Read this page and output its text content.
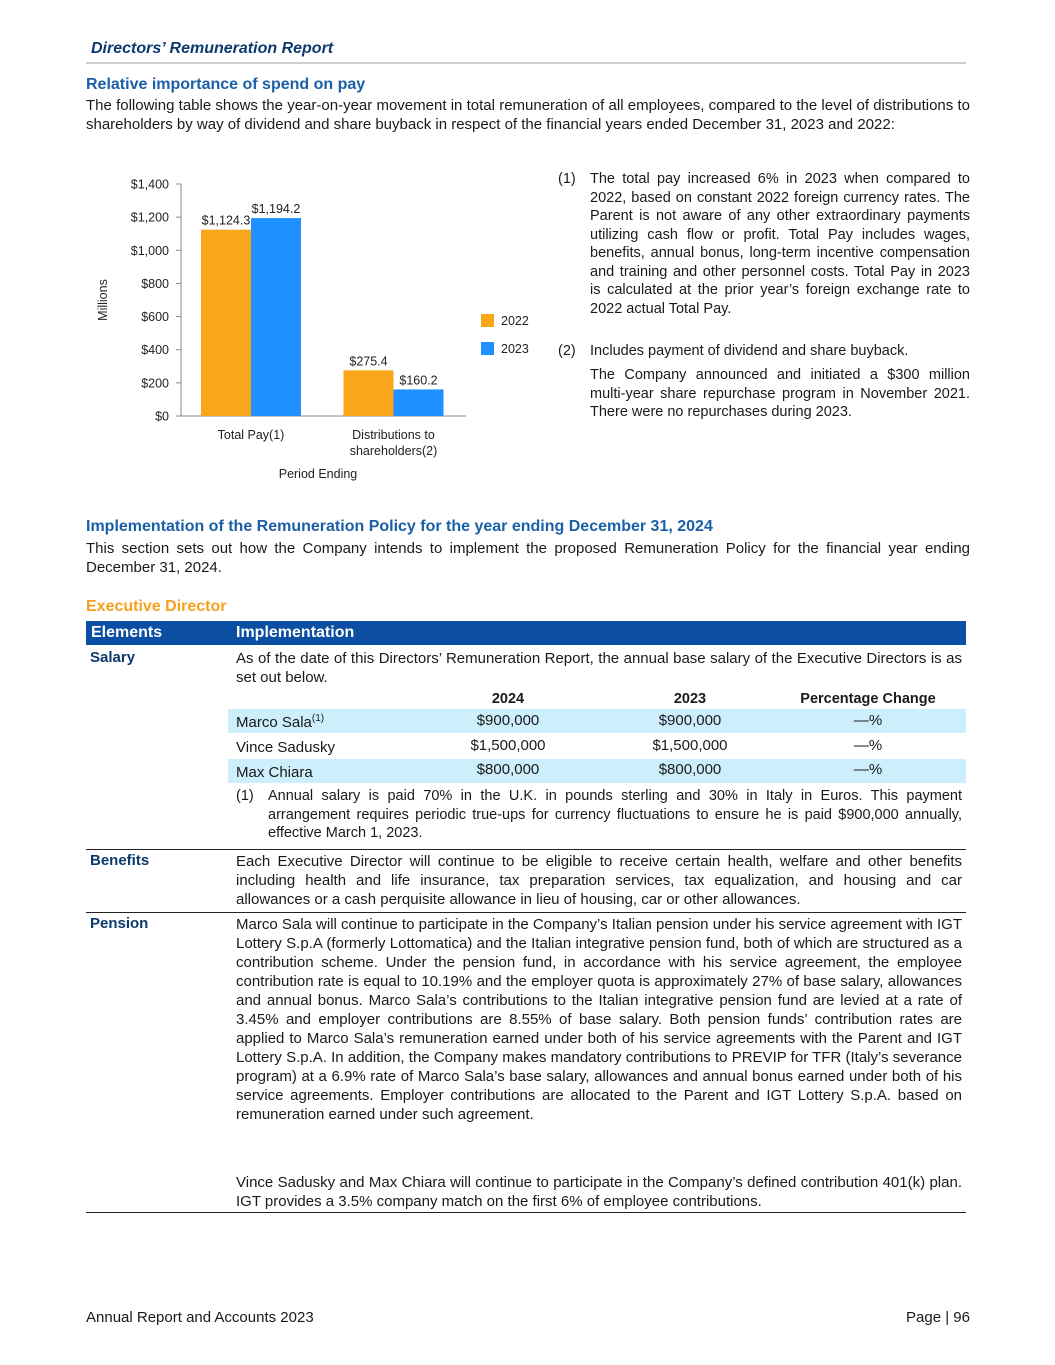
Directors’ Remuneration Report
Relative importance of spend on pay
The following table shows the year-on-year movement in total remuneration of all employees, compared to the level of distributions to shareholders by way of dividend and share buyback in respect of the financial years ended December 31, 2023 and 2022:
$0
$200
$400
$600
$800
$1,000
$1,200
$1,400
$1,124.3
$1,194.2
Total Pay(1)
$275.4
$160.2
Distributions to
shareholders(2)
Period Ending
Millions
2022
2023
(1) The total pay increased 6% in 2023 when compared to 2022, based on constant 2022 foreign currency rates. The Parent is not aware of any other extraordinary payments utilizing cash flow or profit. Total Pay includes wages, benefits, annual bonus, long-term incentive compensation and training and other personnel costs. Total Pay in 2023 is calculated at the prior year’s foreign exchange rate to 2022 actual Total Pay.
(2) Includes payment of dividend and share buyback.
The Company announced and initiated a $300 million multi-year share repurchase program in November 2021. There were no repurchases during 2023.
Implementation of the Remuneration Policy for the year ending December 31, 2024
This section sets out how the Company intends to implement the proposed Remuneration Policy for the financial year ending December 31, 2024.
Executive Director
Elements	Implementation
Salary	As of the date of this Directors’ Remuneration Report, the annual base salary of the Executive Directors is as set out below.
2024	2023	Percentage Change
Marco Sala$^{(1)}$	$900,000	$900,000	—%
Vince Sadusky	$1,500,000	$1,500,000	—%
Max Chiara	$800,000	$800,000	—%
(1) Annual salary is paid 70% in the U.K. in pounds sterling and 30% in Italy in Euros. This payment arrangement requires periodic true-ups for currency fluctuations to ensure he is paid $900,000 annually, effective March 1, 2023.
Benefits	Each Executive Director will continue to be eligible to receive certain health, welfare and other benefits including health and life insurance, tax preparation services, tax equalization, and housing and car allowances or a cash perquisite allowance in lieu of housing, car or other allowances.
Pension	Marco Sala will continue to participate in the Company’s Italian pension under his service agreement with IGT Lottery S.p.A (formerly Lottomatica) and the Italian integrative pension fund, both of which are structured as a contribution scheme. Under the pension fund, in accordance with his service agreement, the employee contribution rate is equal to 10.19% and the employer quota is approximately 27% of base salary, allowances and annual bonus. Marco Sala’s contributions to the Italian integrative pension fund are levied at a rate of 3.45% and employer contributions are 8.55% of base salary. Both pension funds’ contribution rates are applied to Marco Sala’s remuneration earned under both of his service agreements with the Parent and IGT Lottery S.p.A. In addition, the Company makes mandatory contributions to PREVIP for TFR (Italy’s severance program) at a 6.9% rate of Marco Sala’s base salary, allowances and annual bonus earned under both of his service agreements. Employer contributions are allocated to the Parent and IGT Lottery S.p.A. based on remuneration earned under such agreement.
Vince Sadusky and Max Chiara will continue to participate in the Company’s defined contribution 401(k) plan. IGT provides a 3.5% company match on the first 6% of employee contributions.
Annual Report and Accounts 2023	Page | 96
